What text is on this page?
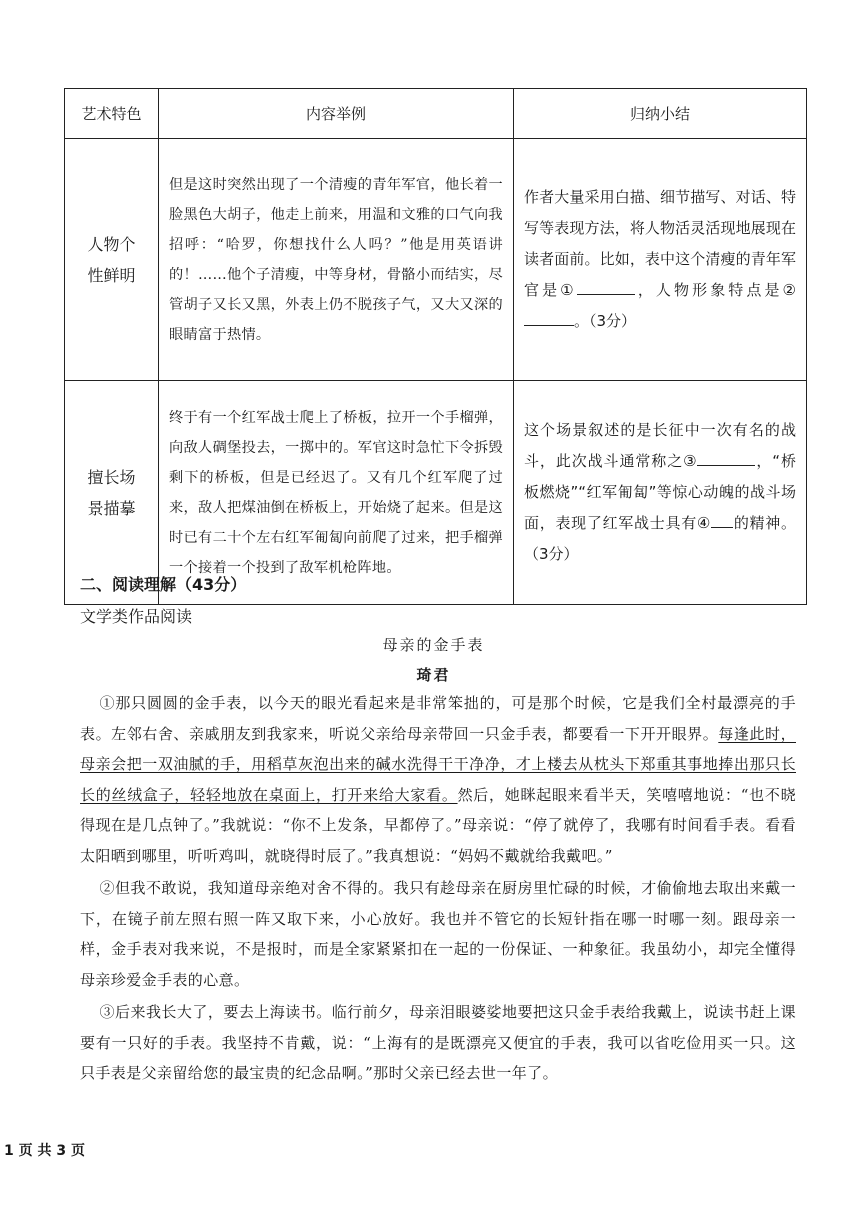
艺术特色	内容举例	归纳小结

人物个性鲜明	但是这时突然出现了一个清瘦的青年军官，他长着一脸黑色大胡子，他走上前来，用温和文雅的口气向我招呼：“哈罗，你想找什么人吗？”他是用英语讲的！……他个子清瘦，中等身材，骨骼小而结实，尽管胡子又长又黑，外表上仍不脱孩子气，又大又深的眼睛富于热情。	作者大量采用白描、细节描写、对话、特写等表现方法，将人物活灵活现地展现在读者面前。比如，表中这个清瘦的青年军官是① ，人物形象特点是②。（3分）

擅长场景描摹	终于有一个红军战士爬上了桥板，拉开一个手榴弹，向敌人碉堡投去，一掷中的。军官这时急忙下令拆毁剩下的桥板，但是已经迟了。又有几个红军爬了过来，敌人把煤油倒在桥板上，开始烧了起来。但是这时已有二十个左右红军匍匐向前爬了过来，把手榴弹一个接着一个投到了敌军机枪阵地。	这个场景叙述的是长征中一次有名的战斗，此次战斗通常称之③ ，“桥板燃烧”“红军匍匐”等惊心动魄的战斗场面，表现了红军战士具有④ 的精神。（3分）
二、阅读理解（43分）
文学类作品阅读
母亲的金手表
琦君

①那只圆圆的金手表，以今天的眼光看起来是非常笨拙的，可是那个时候，它是我们全村最漂亮的手表。左邻右舍、亲戚朋友到我家来，听说父亲给母亲带回一只金手表，都要看一下开开眼界。每逢此时，母亲会把一双油腻的手，用稻草灰泡出来的碱水洗得干干净净，才上楼去从枕头下郑重其事地捧出那只长长的丝绒盒子，轻轻地放在桌面上，打开来给大家看。然后，她眯起眼来看半天，笑嘻嘻地说：“也不晓得现在是几点钟了。”我就说：“你不上发条，早都停了。”母亲说：“停了就停了，我哪有时间看手表。看看太阳晒到哪里，听听鸡叫，就晓得时辰了。”我真想说：“妈妈不戴就给我戴吧。”

②但我不敢说，我知道母亲绝对舍不得的。我只有趁母亲在厨房里忙碌的时候，才偷偷地去取出来戴一下，在镜子前左照右照一阵又取下来，小心放好。我也并不管它的长短针指在哪一时哪一刻。跟母亲一样，金手表对我来说，不是报时，而是全家紧紧扣在一起的一份保证、一种象征。我虽幼小，却完全懂得母亲珍爱金手表的心意。

③后来我长大了，要去上海读书。临行前夕，母亲泪眼婆娑地要把这只金手表给我戴上，说读书赶上课要有一只好的手表。我坚持不肯戴，说：“上海有的是既漂亮又便宜的手表，我可以省吃俭用买一只。这只手表是父亲留给您的最宝贵的纪念品啊。”那时父亲已经去世一年了。

1 页 共 3 页
